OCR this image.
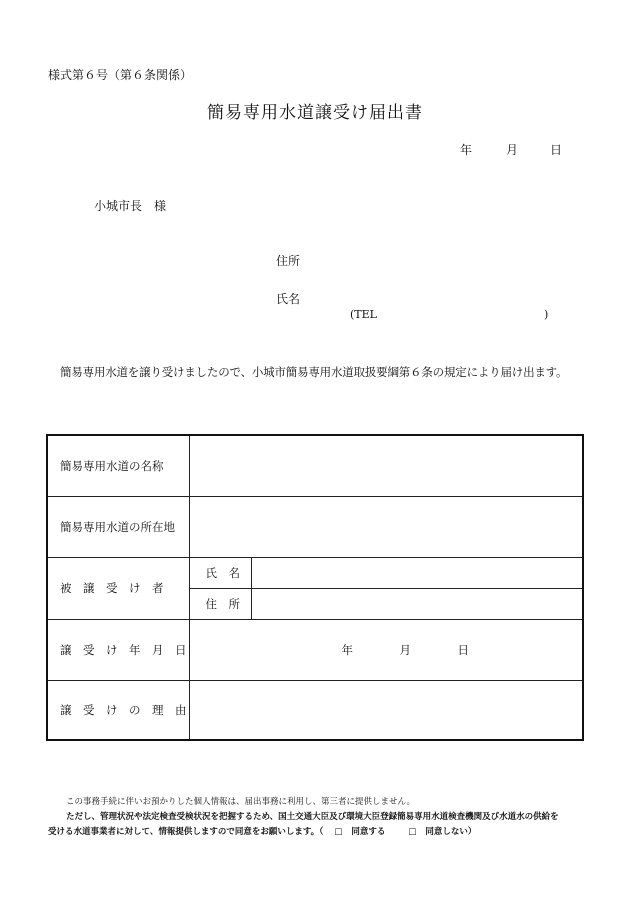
様式第６号（第６条関係）
簡易専用水道譲受け届出書
年	月	日
小城市長　様
住所
氏名
(TEL	)
簡易専用水道を譲り受けましたので、小城市簡易専用水道取扱要綱第６条の規定により届け出ます。
簡易専用水道の名称		
簡易専用水道の所在地		
被　譲　受　け　者	氏　名	
	住　所	
譲　受　け　年　月　日	年 月 日	

譲　受　け　の　理　由		
この事務手続に伴いお預かりした個人情報は、届出事務に利用し、第三者に提供しません。
ただし、管理状況や法定検査受検状況を把握するため、国土交通大臣及び環境大臣登録簡易専用水道検査機関及び水道水の供給を
受ける水道事業者に対して、情報提供しますので同意をお願いします。（ □ 同意する	□ 同意しない）
